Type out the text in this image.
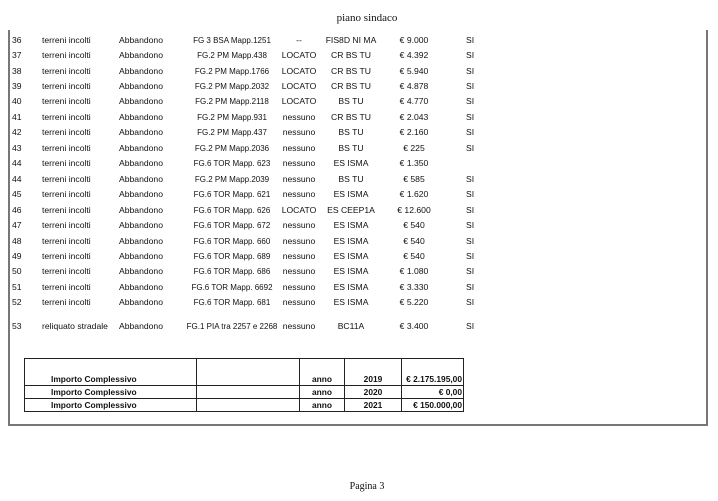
piano sindaco
36 terreni incolti	Abbandono	FG 3 BSA Mapp.1251	--	FIS8D NI MA	€ 9.000	SI
37 terreni incolti	Abbandono	FG.2 PM Mapp.438	LOCATO	CR BS TU	€ 4.392	SI
38 terreni incolti	Abbandono	FG.2 PM Mapp.1766	LOCATO	CR BS TU	€ 5.940	SI
39 terreni incolti	Abbandono	FG.2 PM Mapp.2032	LOCATO	CR BS TU	€ 4.878	SI
40 terreni incolti	Abbandono	FG.2 PM Mapp.2118	LOCATO	BS TU	€ 4.770	SI
41 terreni incolti	Abbandono	FG.2 PM Mapp.931	nessuno	CR BS TU	€ 2.043	SI
42 terreni incolti	Abbandono	FG.2 PM Mapp.437	nessuno	BS TU	€ 2.160	SI
43 terreni incolti	Abbandono	FG.2 PM Mapp.2036	nessuno	BS TU	€ 225	SI
44 terreni incolti	Abbandono	FG.6 TOR Mapp. 623	nessuno	ES ISMA	€ 1.350
44 terreni incolti	Abbandono	FG.2 PM Mapp.2039	nessuno	BS TU	€ 585	SI
45 terreni incolti	Abbandono	FG.6 TOR Mapp. 621	nessuno	ES ISMA	€ 1.620	SI
46 terreni incolti	Abbandono	FG.6 TOR Mapp. 626	LOCATO	ES CEEP1A	€ 12.600	SI
47 terreni incolti	Abbandono	FG.6 TOR Mapp. 672	nessuno	ES ISMA	€ 540	SI
48 terreni incolti	Abbandono	FG.6 TOR Mapp. 660	nessuno	ES ISMA	€ 540	SI
49 terreni incolti	Abbandono	FG.6 TOR Mapp. 689	nessuno	ES ISMA	€ 540	SI
50 terreni incolti	Abbandono	FG.6 TOR Mapp. 686	nessuno	ES ISMA	€ 1.080	SI
51 terreni incolti	Abbandono	FG.6 TOR Mapp. 6692	nessuno	ES ISMA	€ 3.330	SI
52 terreni incolti	Abbandono	FG.6 TOR Mapp. 681	nessuno	ES ISMA	€ 5.220	SI
53 reliquato stradale Abbandono	FG.1 PIA tra 2257 e 2268 nessuno	BC11A	€ 3.400	SI
Importo Complessivo		anno	2019	€ 2.175.195,00
Importo Complessivo		anno	2020	€ 0,00
Importo Complessivo		anno	2021	€ 150.000,00
Pagina 3
